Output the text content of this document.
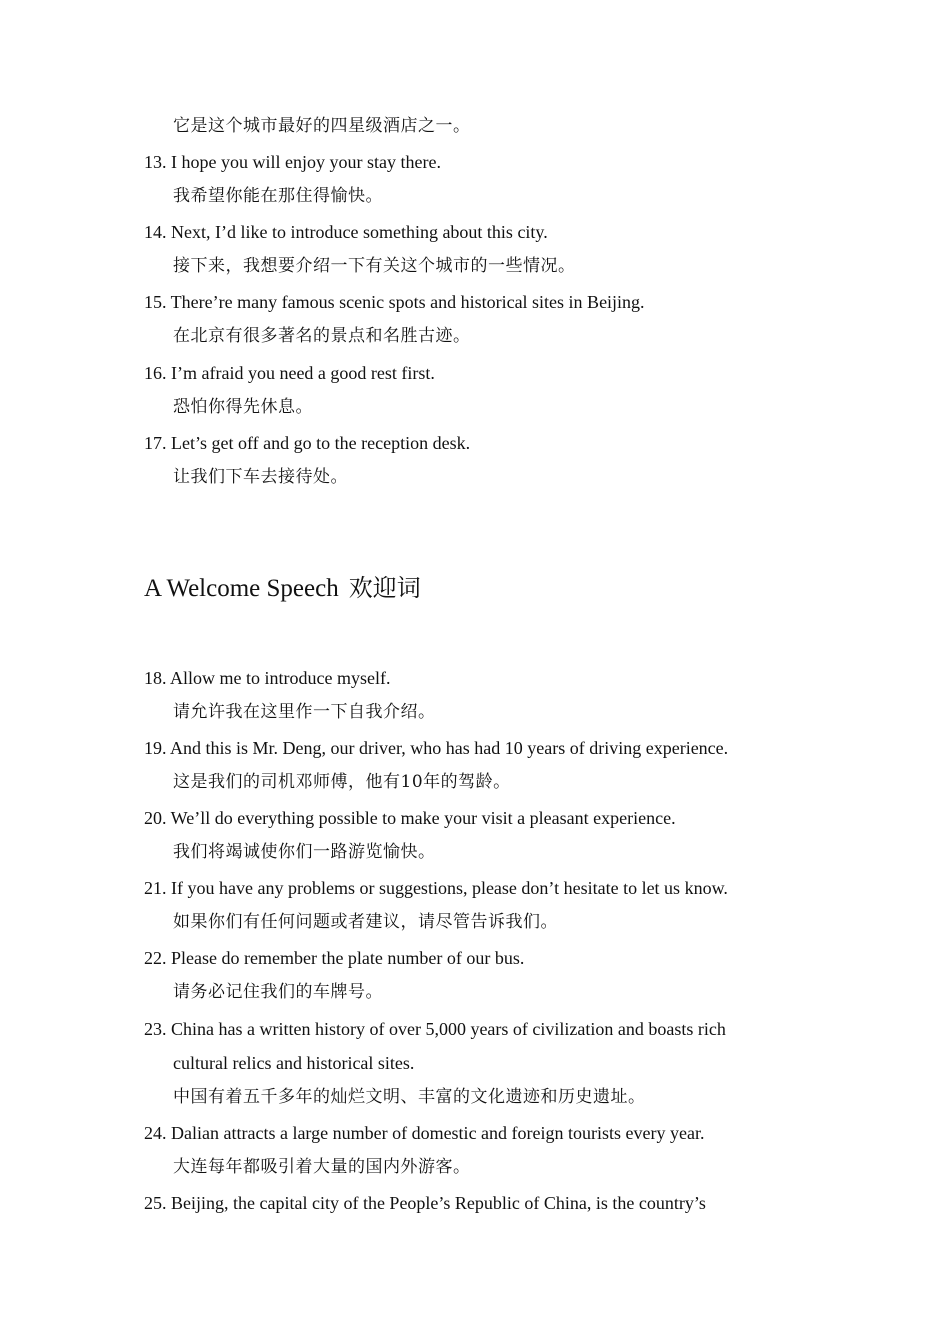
它是这个城市最好的四星级酒店之一。
13. I hope you will enjoy your stay there.
我希望你能在那住得愉快。
14. Next, I’d like to introduce something about this city.
接下来，我想要介绍一下有关这个城市的一些情况。
15. There’re many famous scenic spots and historical sites in Beijing.
在北京有很多著名的景点和名胜古迹。
16. I’m afraid you need a good rest first.
恐怕你得先休息。
17. Let’s get off and go to the reception desk.
让我们下车去接待处。
A Welcome Speech 欢迎词
18. Allow me to introduce myself.
请允许我在这里作一下自我介绍。
19. And this is Mr. Deng, our driver, who has had 10 years of driving experience.
这是我们的司机邓师傅，他有10年的驾龄。
20. We’ll do everything possible to make your visit a pleasant experience.
我们将竭诚使你们一路游览愉快。
21. If you have any problems or suggestions, please don’t hesitate to let us know.
如果你们有任何问题或者建议，请尽管告诉我们。
22. Please do remember the plate number of our bus.
请务必记住我们的车牌号。
23. China has a written history of over 5,000 years of civilization and boasts rich
cultural relics and historical sites.
中国有着五千多年的灿烂文明、丰富的文化遗迹和历史遗址。
24. Dalian attracts a large number of domestic and foreign tourists every year.
大连每年都吸引着大量的国内外游客。
25. Beijing, the capital city of the People’s Republic of China, is the country’s
